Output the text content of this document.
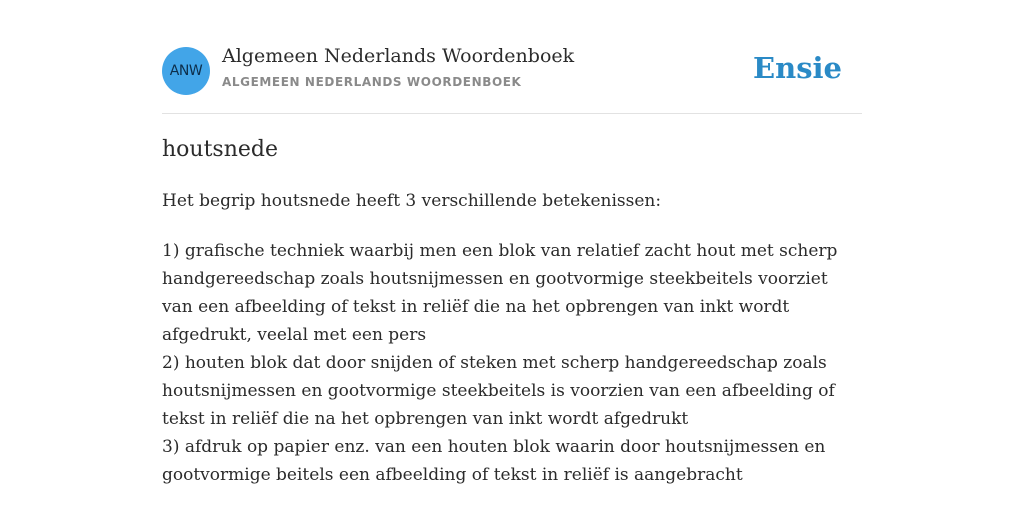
ANW
Algemeen Nederlands Woordenboek
ALGEMEEN NEDERLANDS WOORDENBOEK	Ensie
houtsnede
Het begrip houtsnede heeft 3 verschillende betekenissen:
1) grafische techniek waarbij men een blok van relatief zacht hout met scherp handgereedschap zoals houtsnijmessen en gootvormige steekbeitels voorziet van een afbeelding of tekst in reliëf die na het opbrengen van inkt wordt afgedrukt, veelal met een pers
2) houten blok dat door snijden of steken met scherp handgereedschap zoals houtsnijmessen en gootvormige steekbeitels is voorzien van een afbeelding of tekst in reliëf die na het opbrengen van inkt wordt afgedrukt
3) afdruk op papier enz. van een houten blok waarin door houtsnijmessen en gootvormige beitels een afbeelding of tekst in reliëf is aangebracht
